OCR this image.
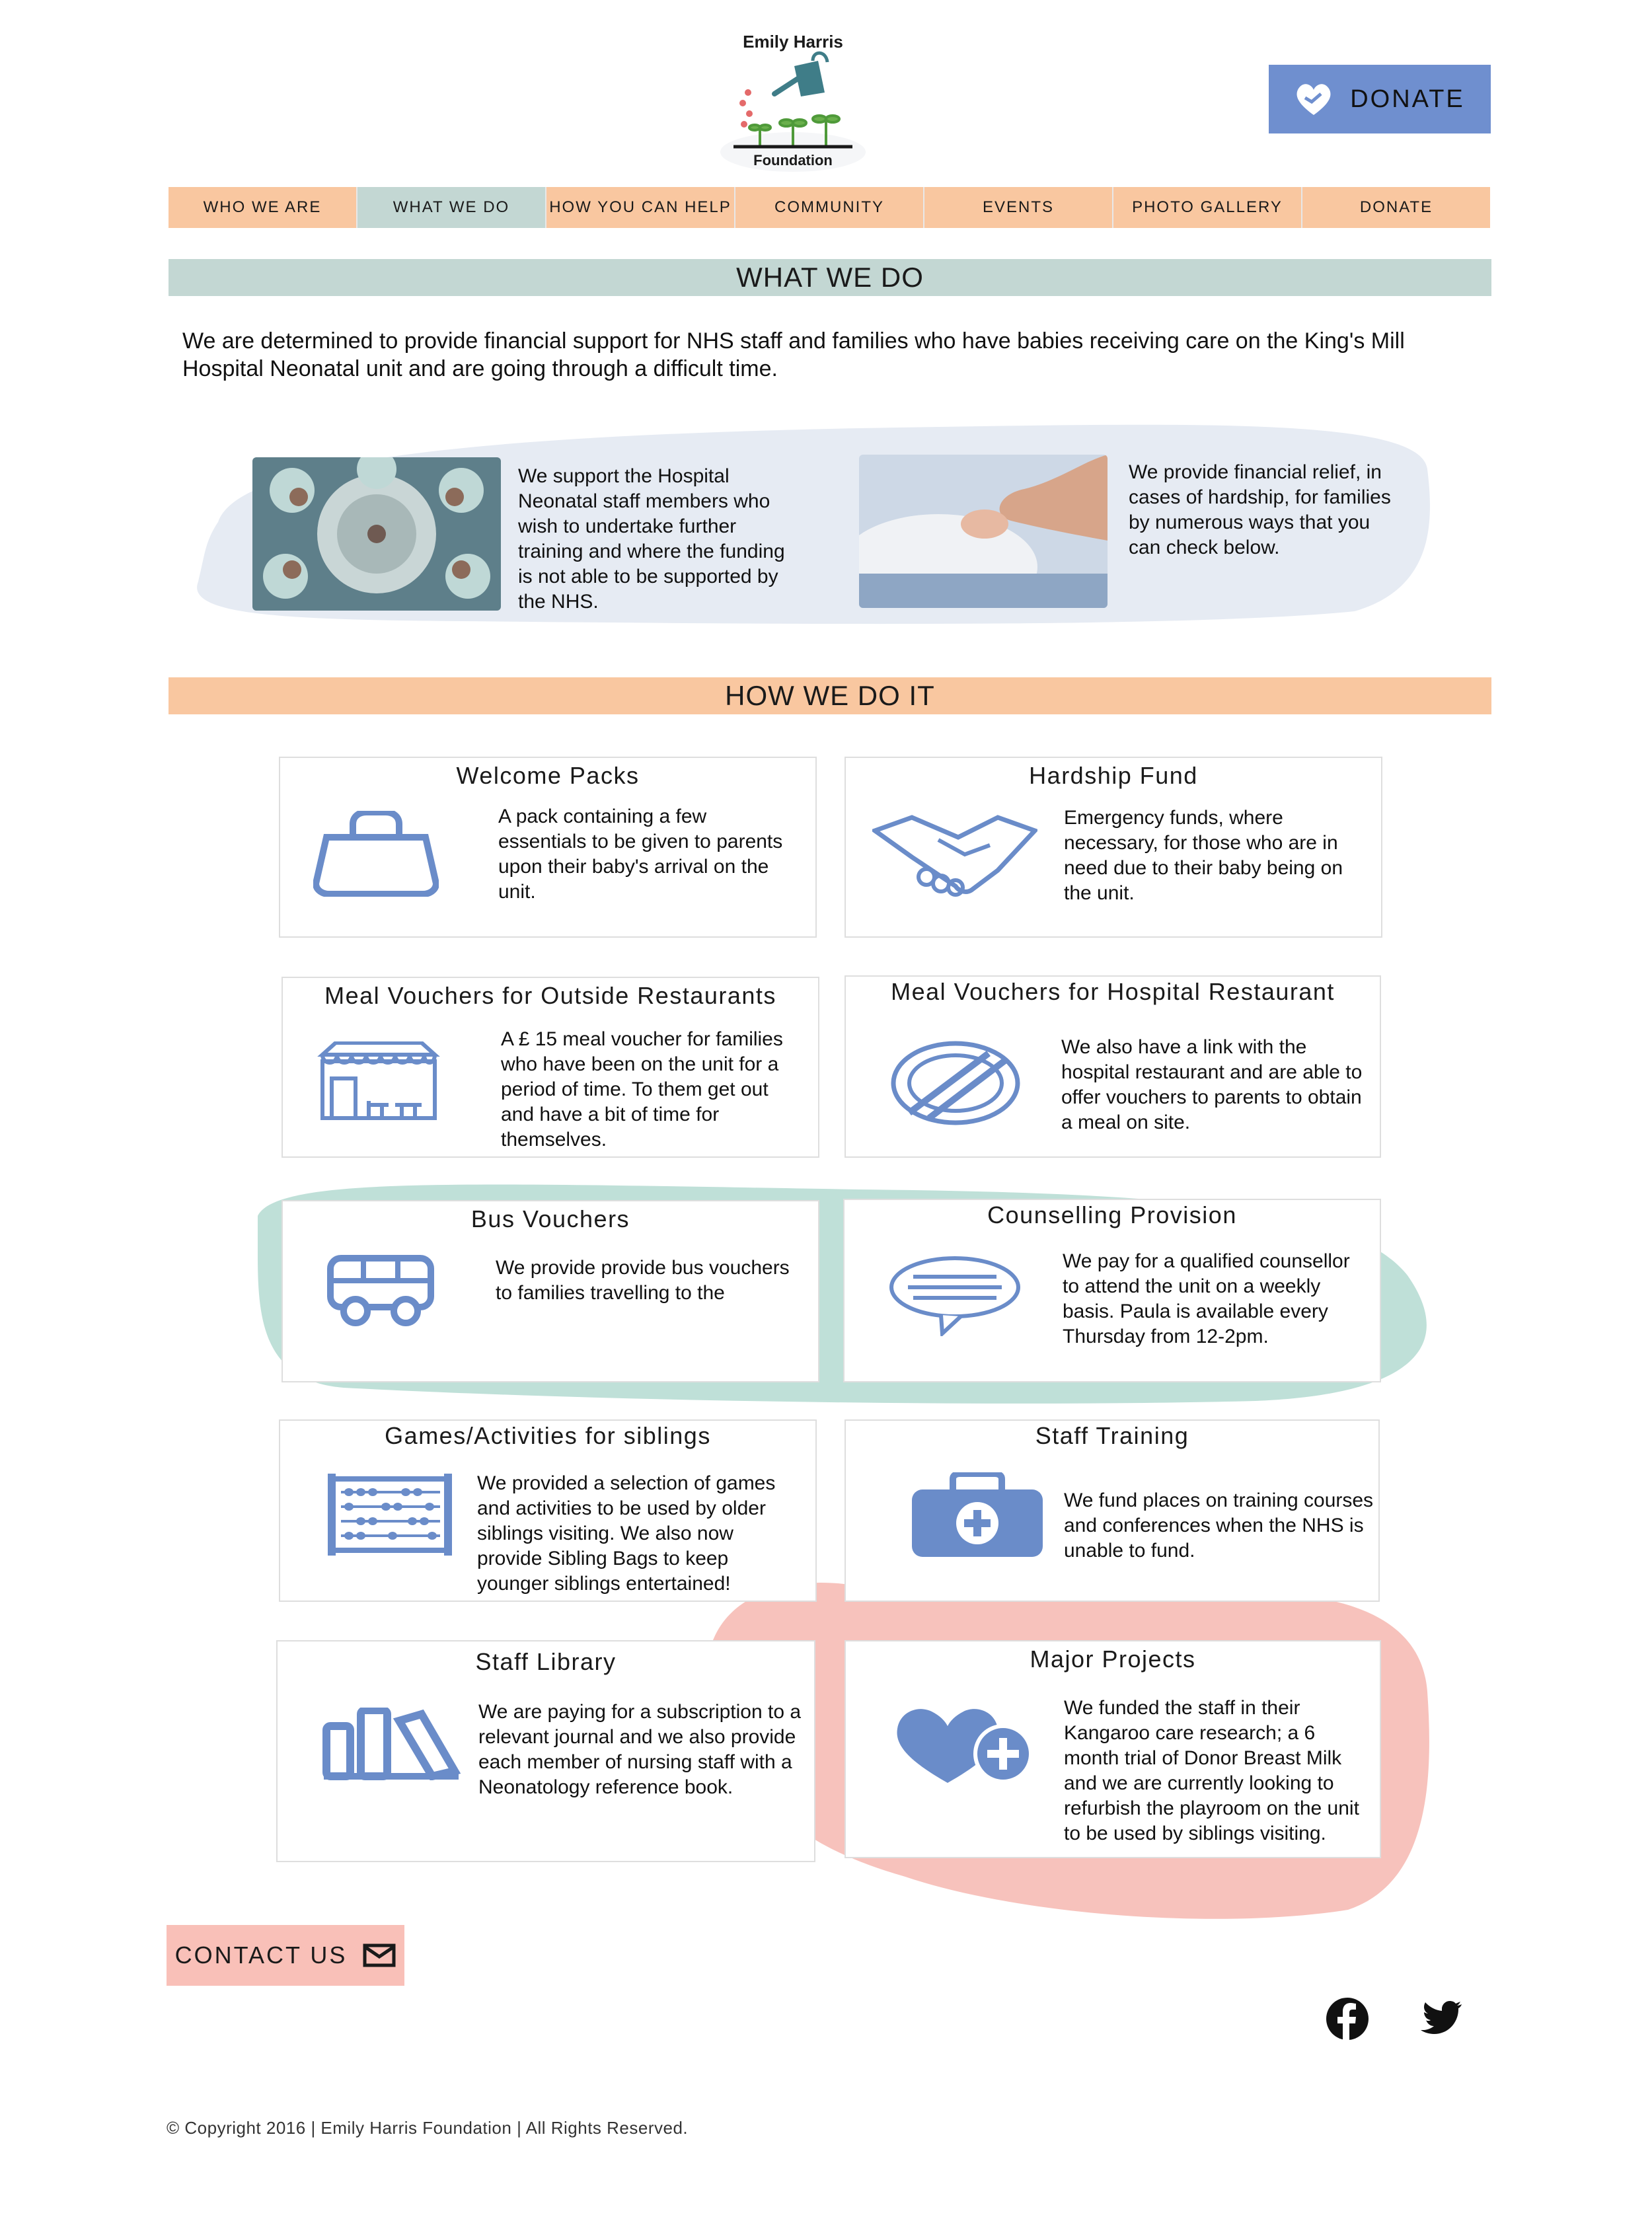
Emily Harris
Foundation
DONATE
WHO WE ARE	WHAT WE DO	HOW YOU CAN HELP	COMMUNITY	EVENTS	PHOTO GALLERY	DONATE
WHAT WE DO
We are determined to provide financial support for NHS staff and families who have babies receiving care on the King's Mill Hospital Neonatal unit and are going through a difficult time.
We support the Hospital Neonatal staff members who wish to undertake further training and where the funding is not able to be supported by the NHS.
We provide financial relief, in cases of hardship, for families by numerous ways that you can check below.
HOW WE DO IT
Welcome Packs
A pack containing a few essentials to be given to parents upon their baby's arrival on the unit.
Hardship Fund
Emergency funds, where necessary, for those who are in need due to their baby being on the unit.
Meal Vouchers for Outside Restaurants
A £ 15 meal voucher for families who have been on the unit for a period of time. To them get out and have a bit of time for themselves.
Meal Vouchers for Hospital Restaurant
We also have a link with the hospital restaurant and are able to offer vouchers to parents to obtain a meal on site.
Bus Vouchers
We provide provide bus vouchers to families travelling to the
Counselling Provision
We pay for a qualified counsellor to attend the unit on a weekly basis. Paula is available every Thursday from 12-2pm.
Games/Activities for siblings
We provided a selection of games and activities to be used by older siblings visiting. We also now provide Sibling Bags to keep younger siblings entertained!
Staff Training
We fund places on training courses and conferences when the NHS is unable to fund.
Staff Library
We are paying for a subscription to a relevant journal and we also provide each member of nursing staff with a Neonatology reference book.
Major Projects
We funded the staff in their Kangaroo care research; a 6 month trial of Donor Breast Milk and we are currently looking to refurbish the playroom on the unit to be used by siblings visiting.
CONTACT US
© Copyright 2016 | Emily Harris Foundation | All Rights Reserved.
